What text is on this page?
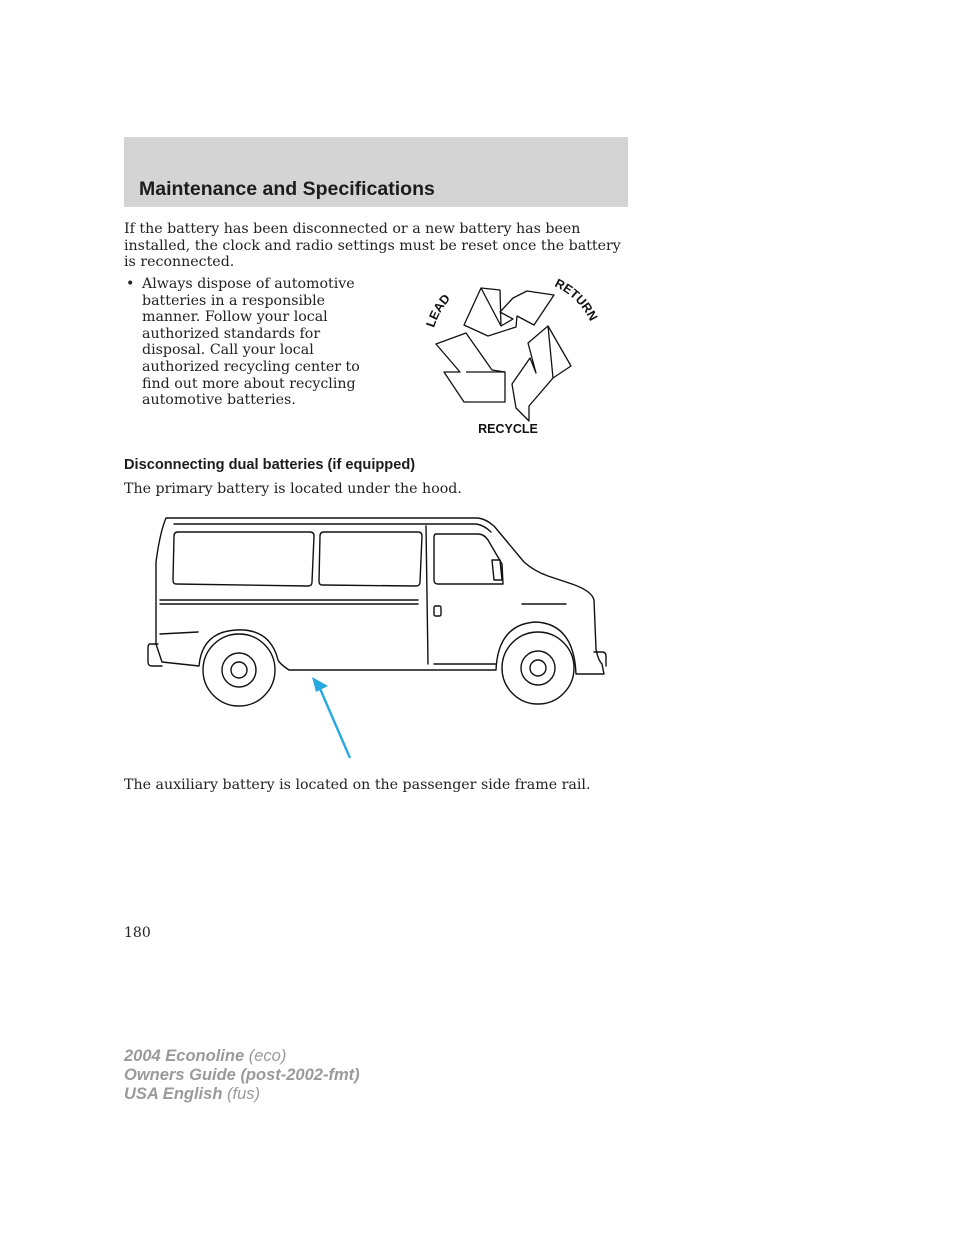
Maintenance and Specifications

If the battery has been disconnected or a new battery has been installed, the clock and radio settings must be reset once the battery is reconnected.

• Always dispose of automotive batteries in a responsible manner. Follow your local authorized standards for disposal. Call your local authorized recycling center to find out more about recycling automotive batteries.
LEAD
RETURN
RECYCLE
Disconnecting dual batteries (if equipped)

The primary battery is located under the hood.

The auxiliary battery is located on the passenger side frame rail.

180
2004 Econoline (eco)
Owners Guide (post-2002-fmt)
USA English (fus)
